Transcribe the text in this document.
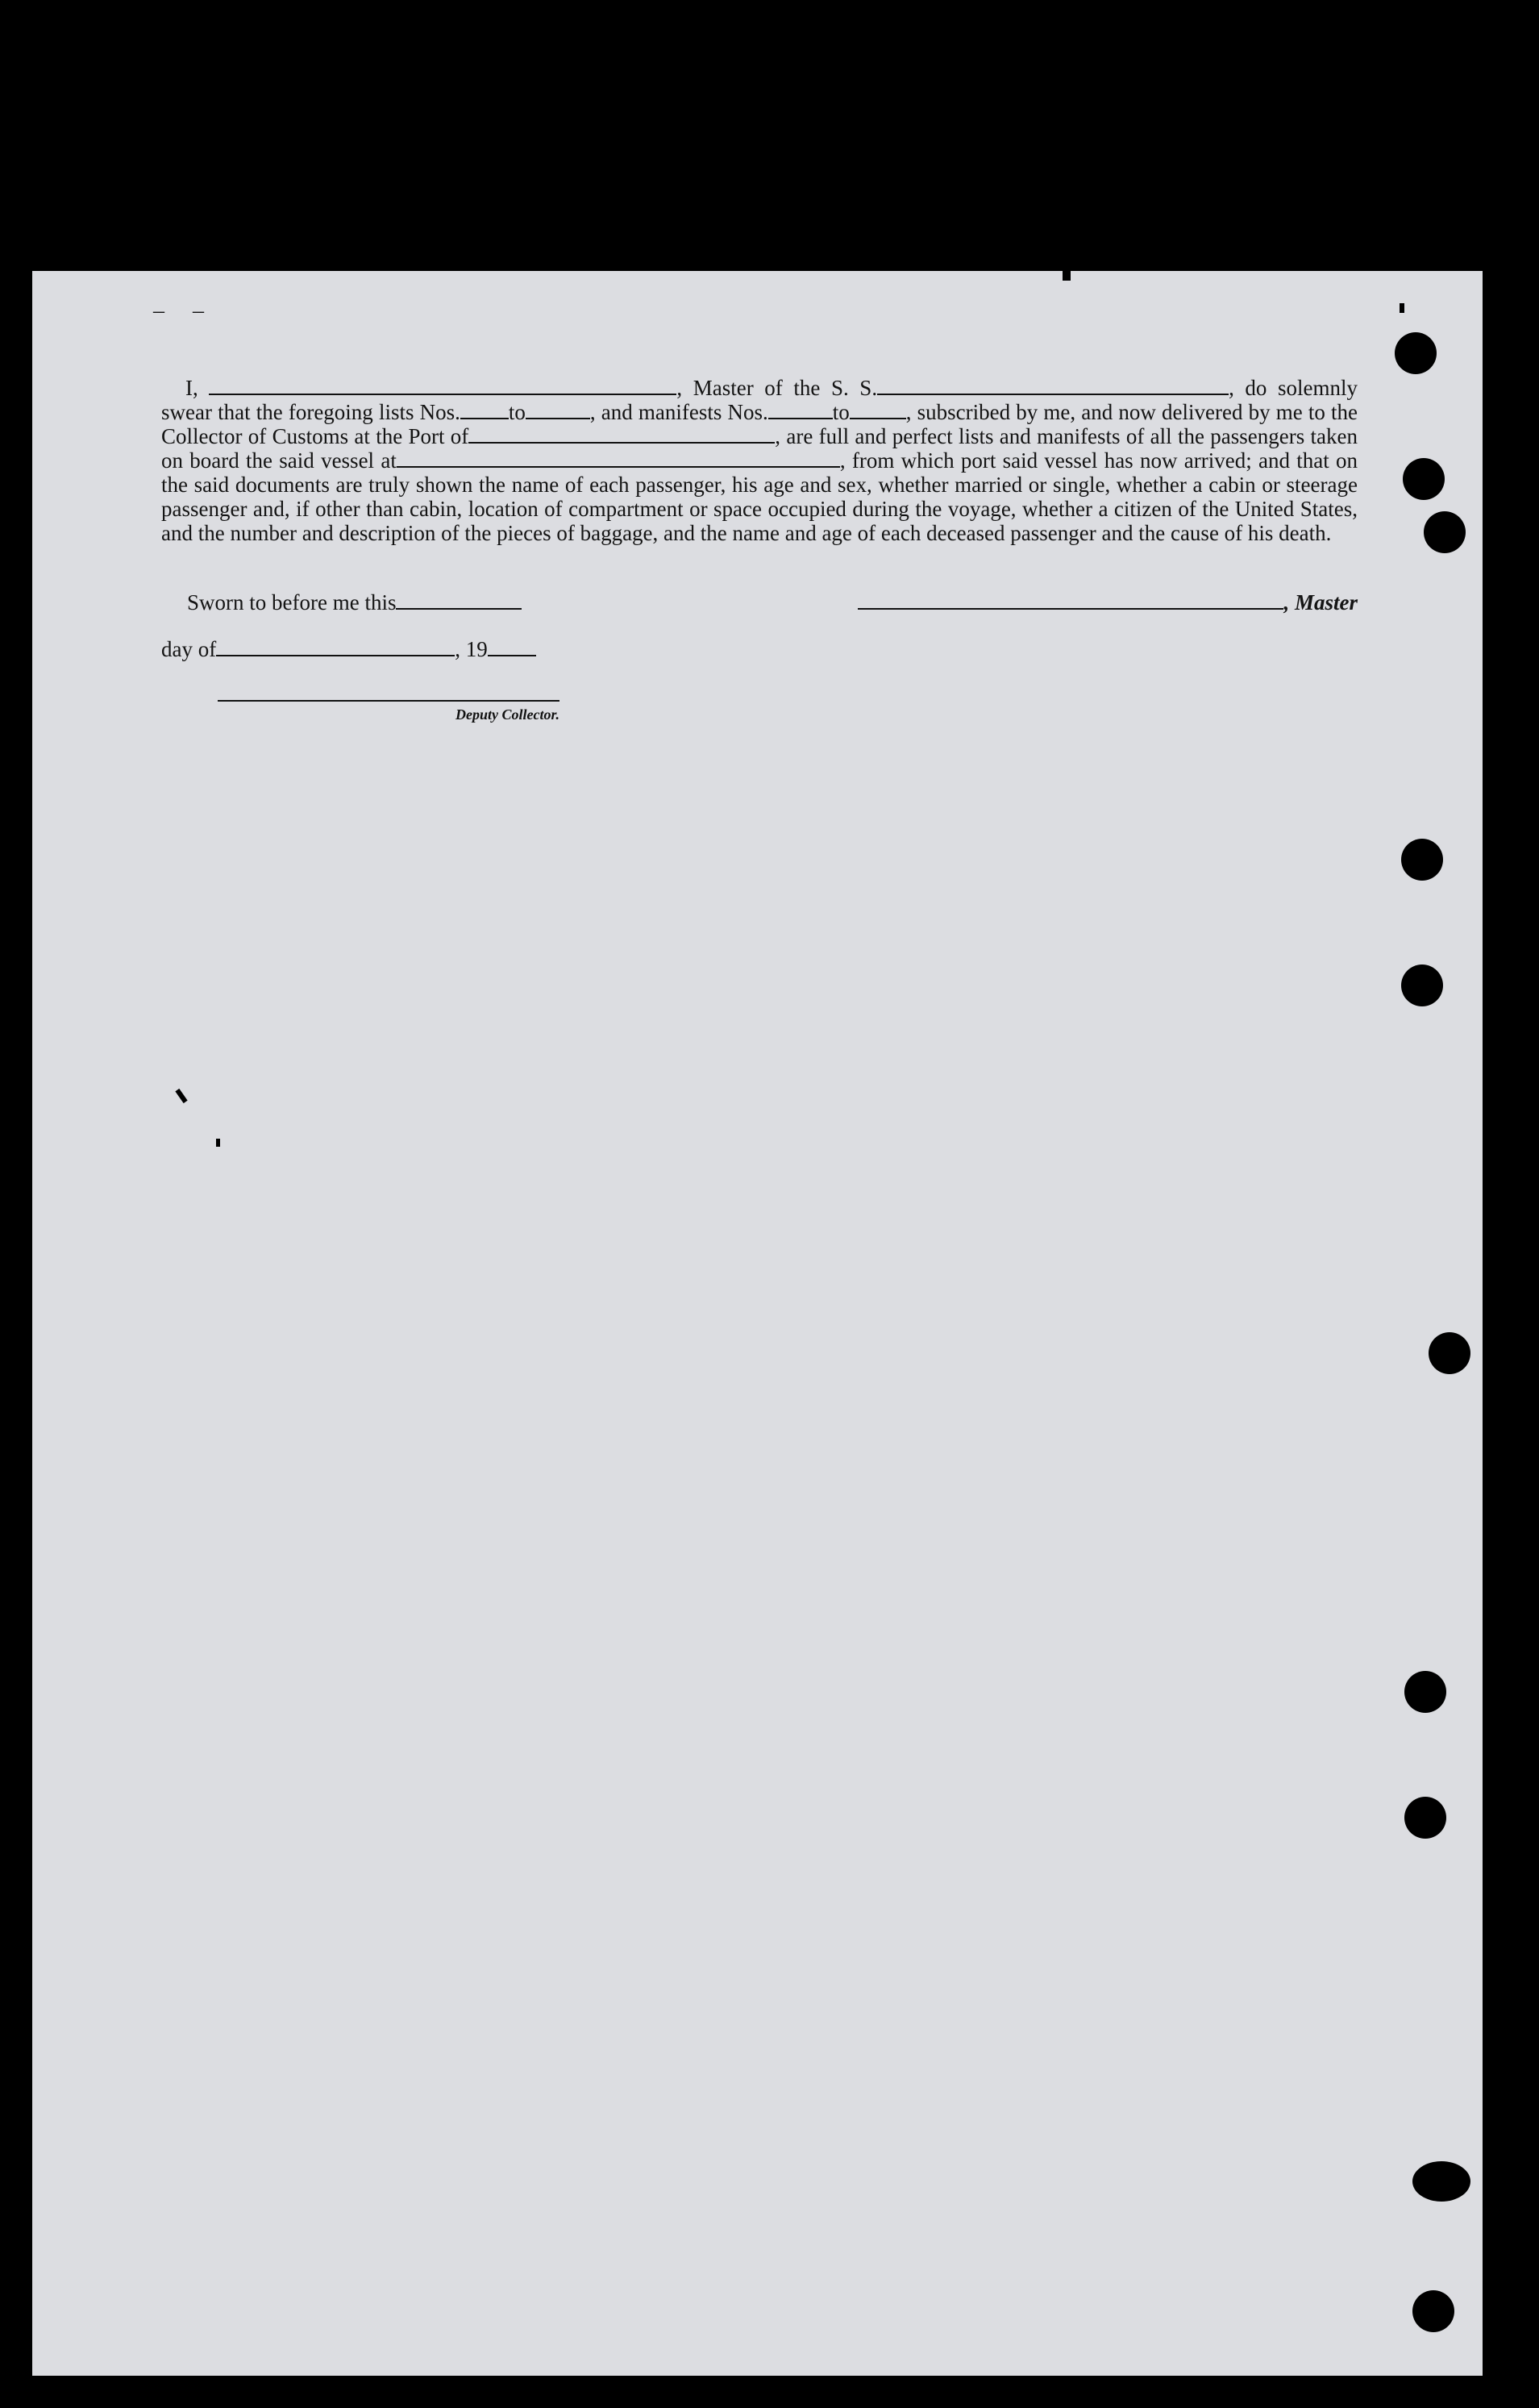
– –
I,	, Master of the S. S.	, do solemnly swear that the foregoing lists Nos. to	, and manifests Nos.	to	, subscribed by me, and now delivered by me to the Collector of Customs at the Port of	, are full and perfect lists and manifests of all the passengers taken on board the said vessel at	, from which port said vessel has now arrived; and that on the said documents are truly shown the name of each passenger, his age and sex, whether married or single, whether a cabin or steerage passenger and, if other than cabin, location of compartment or space occupied during the voyage, whether a citizen of the United States, and the number and description of the pieces of baggage, and the name and age of each deceased passenger and the cause of his death.
Sworn to before me this	, Master
day of	, 19
Deputy Collector.
